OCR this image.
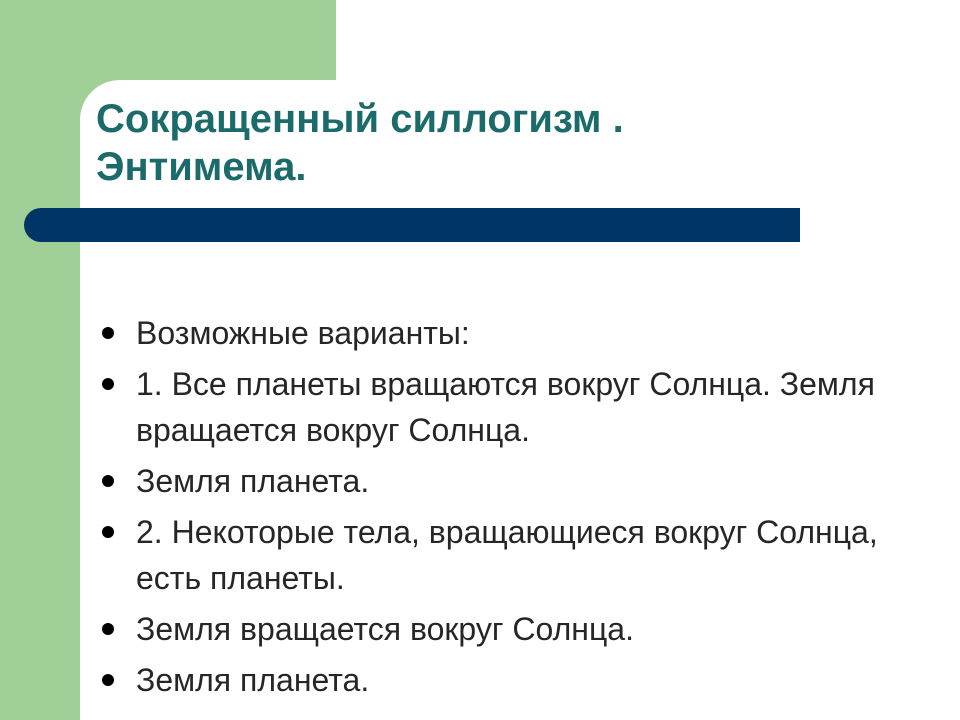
Сокращенный силлогизм .
Энтимема.
Возможные варианты:
1. Все планеты вращаются вокруг Солнца. Земля вращается вокруг Солнца.
Земля планета.
2. Некоторые тела, вращающиеся вокруг Солнца, есть планеты.
Земля вращается вокруг Солнца.
Земля планета.
